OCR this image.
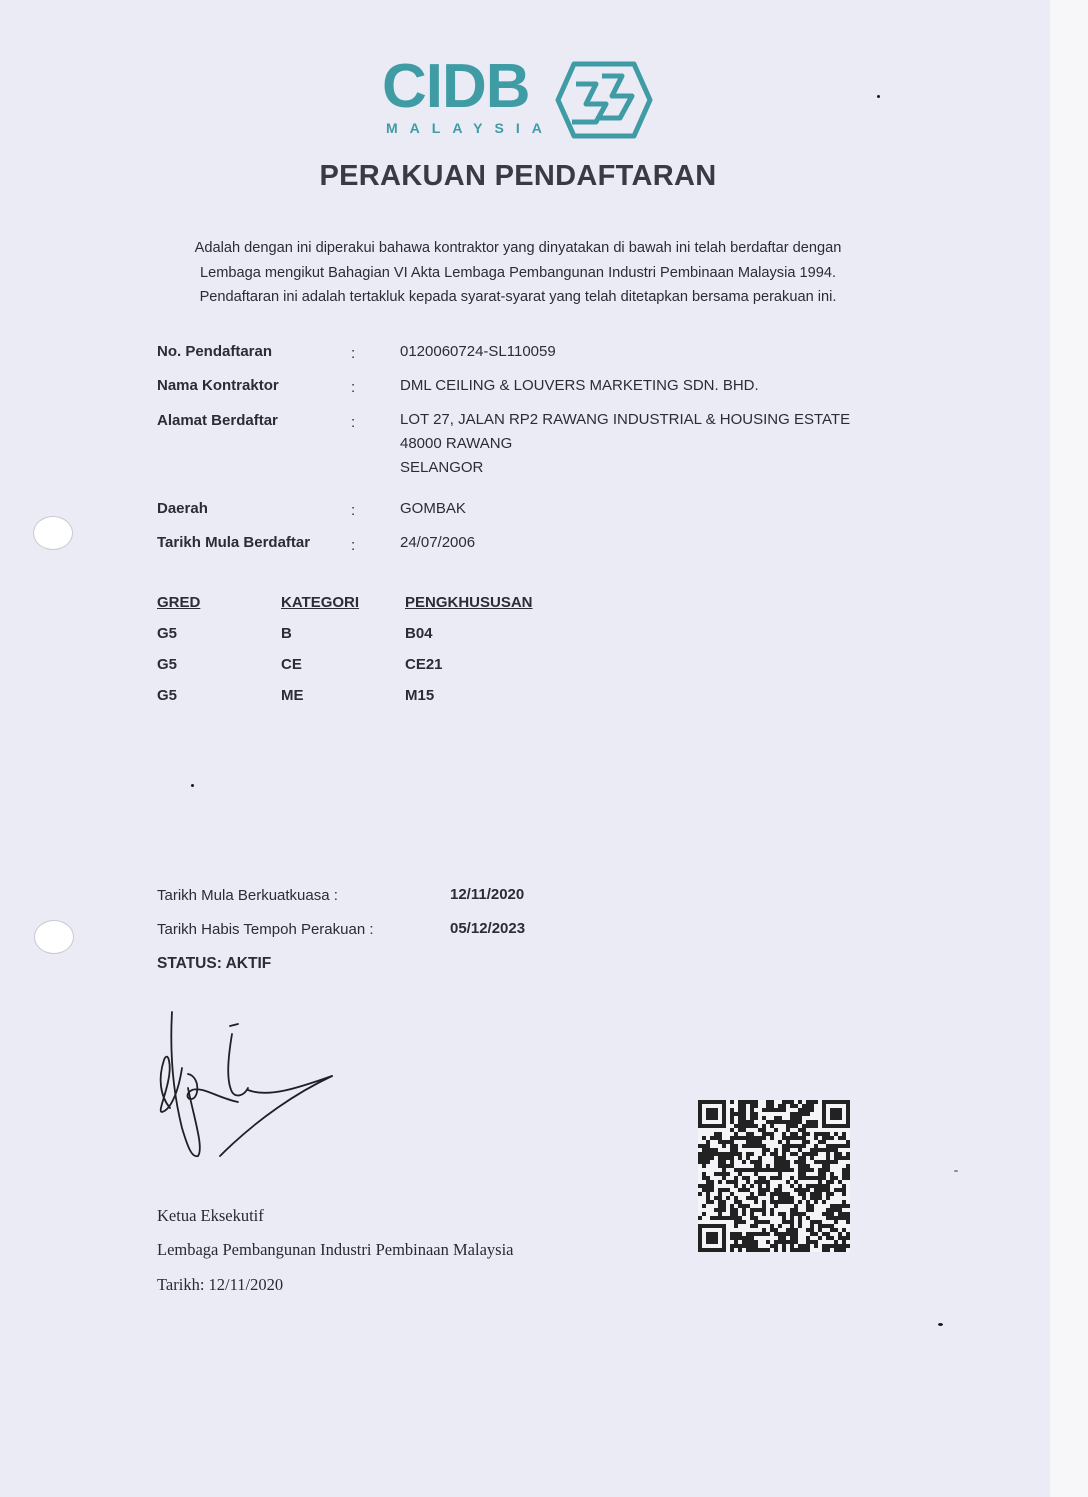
CIDB
MALAYSIA
PERAKUAN PENDAFTARAN
Adalah dengan ini diperakui bahawa kontraktor yang dinyatakan di bawah ini telah berdaftar dengan
Lembaga mengikut Bahagian VI Akta Lembaga Pembangunan Industri Pembinaan Malaysia 1994.
Pendaftaran ini adalah tertakluk kepada syarat-syarat yang telah ditetapkan bersama perakuan ini.
No. Pendaftaran	:	0120060724-SL110059
Nama Kontraktor	:	DML CEILING & LOUVERS MARKETING SDN. BHD.
Alamat Berdaftar	:	LOT 27, JALAN RP2 RAWANG INDUSTRIAL & HOUSING ESTATE
48000 RAWANG
SELANGOR
Daerah	:	GOMBAK
Tarikh Mula Berdaftar	:	24/07/2006
GRED	KATEGORI	PENGKHUSUSAN
G5	B	B04
G5	CE	CE21
G5	ME	M15
Tarikh Mula Berkuatkuasa :	12/11/2020
Tarikh Habis Tempoh Perakuan :	05/12/2023
STATUS: AKTIF
Ketua Eksekutif
Lembaga Pembangunan Industri Pembinaan Malaysia
Tarikh: 12/11/2020
